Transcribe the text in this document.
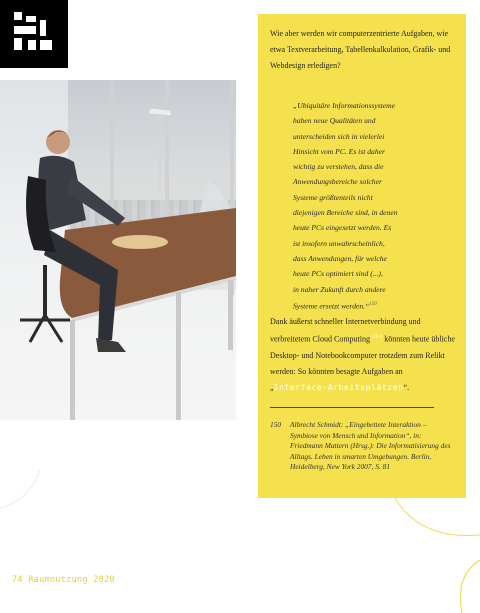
Wie aber werden wir computerzentrierte Aufgaben, wie etwa Textverarbeitung, Tabellenkalkulation, Grafik- und Webdesign erledigen?

„Ubiquitäre Informationssysteme
haben neue Qualitäten und
unterscheiden sich in vielerlei
Hinsicht vom PC. Es ist daher
wichtig zu verstehen, dass die
Anwendungsbereiche solcher
Systeme größtenteils nicht
diejenigen Bereiche sind, in denen
heute PCs eingesetzt werden. Es
ist insofern unwahrscheinlich,
dass Anwendungen, für welche
heute PCs optimiert sind (...),
in naher Zukunft durch andere
Systeme ersetzt werden.“$^{150}$

Dank äußerst schneller Internetverbindung und verbreitetem Cloud Computing $^{GLO}$ könnten heute übliche Desktop- und Notebookcomputer trotzdem zum Relikt werden: So könnten besagte Aufgaben an „Interface-Arbeitsplätzen“.

150 Albrecht Schmidt: „Eingebettete Interaktion – Symbiose von Mensch und Information“, in: Friedmann Mattern (Hrsg.): Die Informatisierung des Alltags. Leben in smarten Umgebungen. Berlin, Heidelberg, New York 2007, S. 81

74 Raumnutzung 2020
